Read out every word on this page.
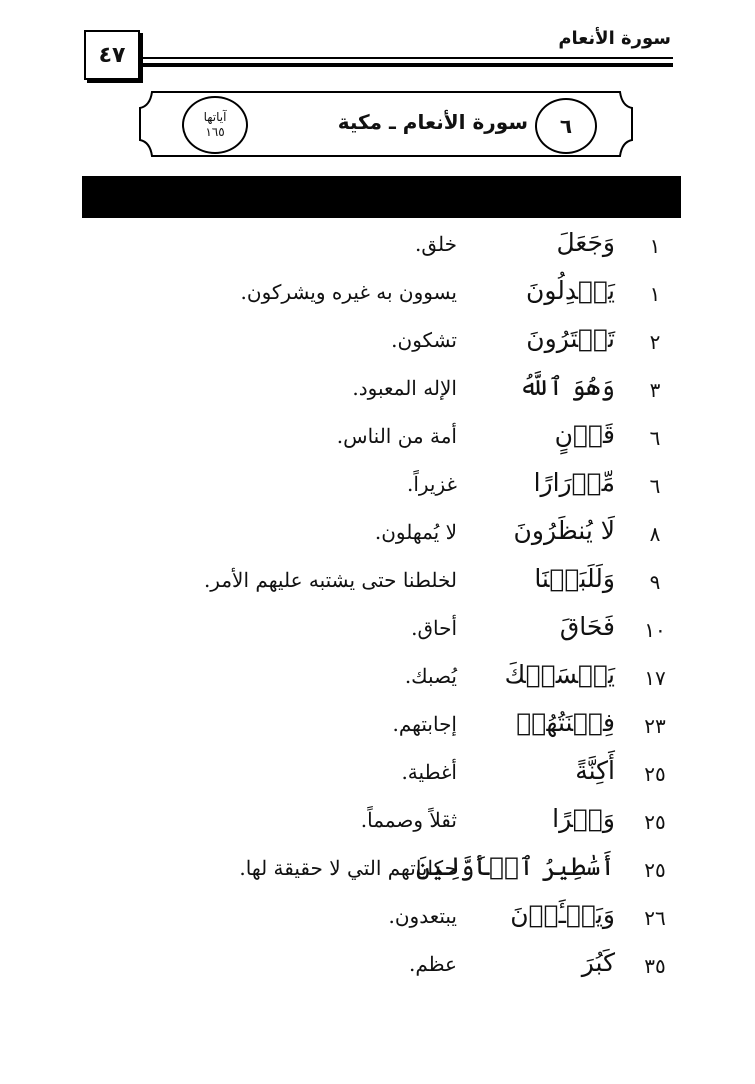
سورة الأنعام
٤٧
آياتها
١٦٥	سورة الأنعام ـ مكية	٦
١
وَجَعَلَ
خلق.
١
يَعۡدِلُونَ
يسوون به غيره ويشركون.
٢
تَمۡتَرُونَ
تشكون.
٣
وَهُوَ ٱللَّهُ
الإله المعبود.
٦
قَرۡنٍ
أمة من الناس.
٦
مِّدۡرَارًا
غزيراً.
٨
لَا يُنظَرُونَ
لا يُمهلون.
٩
وَلَلَبَسۡنَا
لخلطنا حتى يشتبه عليهم الأمر.
١٠
فَحَاقَ
أحاق.
١٧
يَمۡسَسۡكَ
يُصبك.
٢٣
فِتۡنَتُهُمۡ
إجابتهم.
٢٥
أَكِنَّةً
أغطية.
٢٥
وَقۡرًا
ثقلاً وصمماً.
٢٥
أَسَٰطِيرُ ٱلۡأَوَّلِينَ
حكاياتهم التي لا حقيقة لها.
٢٦
وَيَنۡـَٔوۡنَ
يبتعدون.
٣٥
كَبُرَ
عظم.
